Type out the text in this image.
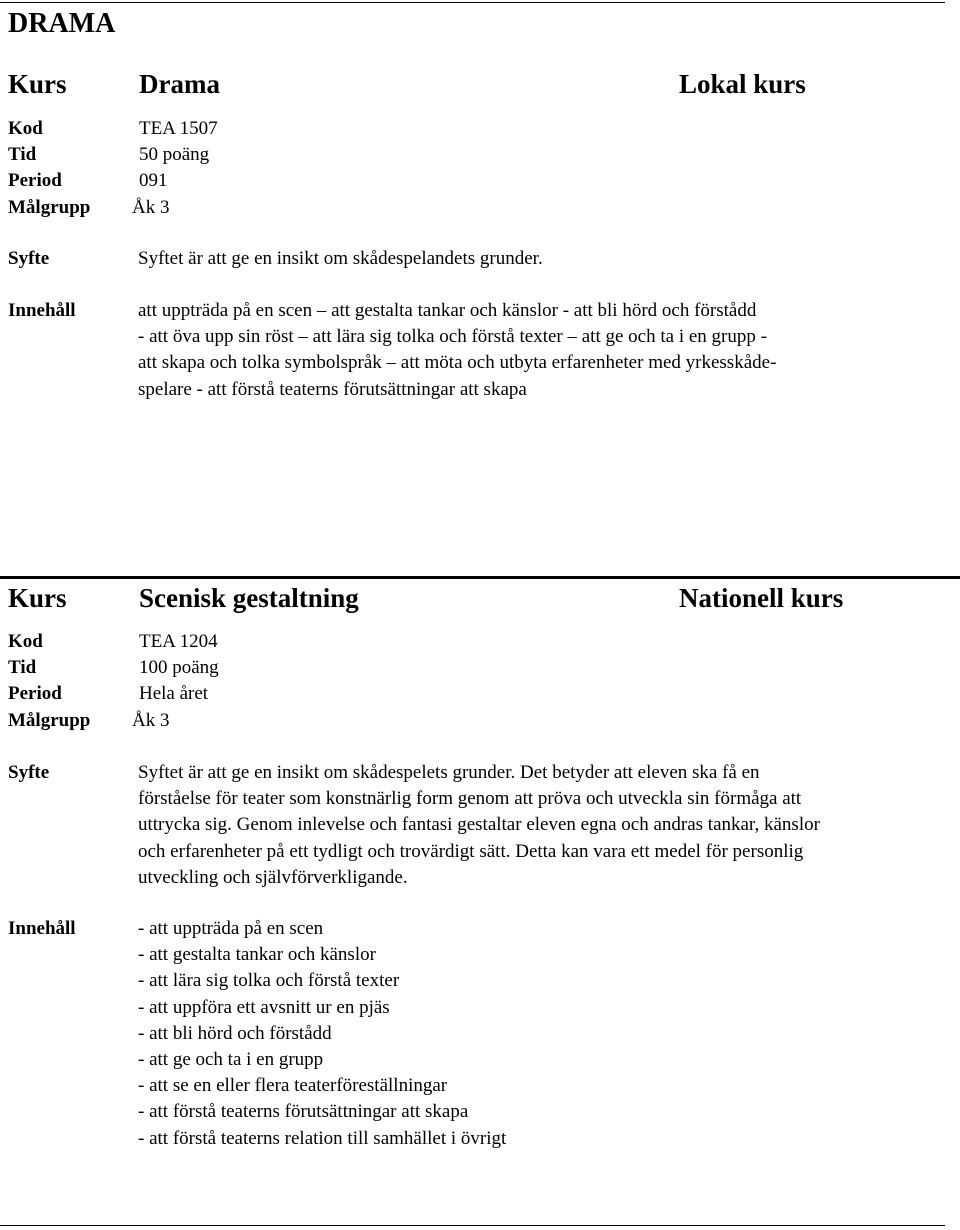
DRAMA
Kurs	Drama	Lokal kurs
Kod	TEA 1507
Tid	50 poäng
Period	091
Målgrupp Åk 3
Syfte	Syftet är att ge en insikt om skådespelandets grunder.
Innehåll	att uppträda på en scen – att gestalta tankar och känslor - att bli hörd och förstådd
- att öva upp sin röst – att lära sig tolka och förstå texter – att ge och ta i en grupp -
att skapa och tolka symbolspråk – att möta och utbyta erfarenheter med yrkesskåde-
spelare - att förstå teaterns förutsättningar att skapa
Kurs	Scenisk gestaltning	Nationell kurs
Kod	TEA 1204
Tid	100 poäng
Period	Hela året
Målgrupp Åk 3
Syfte	Syftet är att ge en insikt om skådespelets grunder. Det betyder att eleven ska få en
förståelse för teater som konstnärlig form genom att pröva och utveckla sin förmåga att
uttrycka sig. Genom inlevelse och fantasi gestaltar eleven egna och andras tankar, känslor
och erfarenheter på ett tydligt och trovärdigt sätt. Detta kan vara ett medel för personlig
utveckling och självförverkligande.
Innehåll	- att uppträda på en scen
- att gestalta tankar och känslor
- att lära sig tolka och förstå texter
- att uppföra ett avsnitt ur en pjäs
- att bli hörd och förstådd
- att ge och ta i en grupp
- att se en eller flera teaterföreställningar
- att förstå teaterns förutsättningar att skapa
- att förstå teaterns relation till samhället i övrigt
